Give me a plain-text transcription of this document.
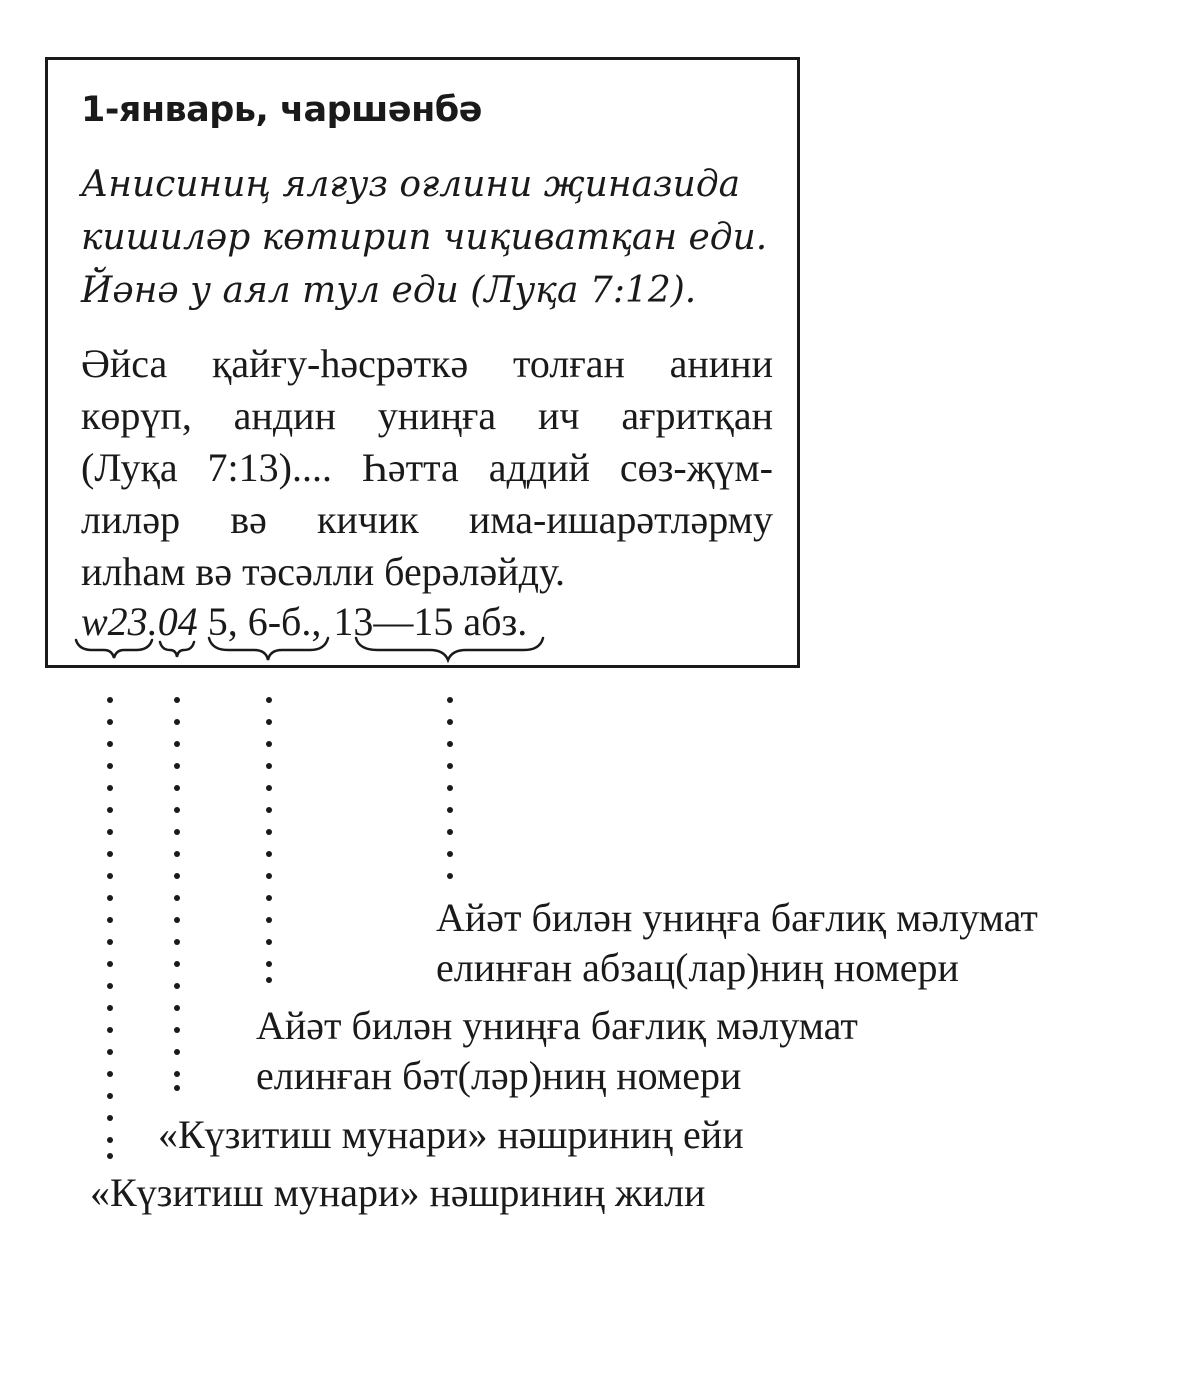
1-январь, чаршәнбә
Анисиниң ялғуз оғлини җиназида
кишиләр көтирип чиқиватқан еди.
Йәнә у аял тул еди (Луқа 7:12).
Әйса қайғу-һәсрәткә толған анини
көрүп, андин униңға ич ағритқан
(Луқа 7:13).... Һәтта аддий сөз-җүм-
лиләр вә кичик има-ишарәтләрму
илһам вә тәсәлли берәләйду.
w23.04 5, 6-б., 13—15 абз.
Айәт билән униңға бағлиқ мәлумат
елинған абзац(лар)ниң номери
Айәт билән униңға бағлиқ мәлумат
елинған бәт(ләр)ниң номери
«Күзитиш мунари» нәшриниң ейи
«Күзитиш мунари» нәшриниң жили
